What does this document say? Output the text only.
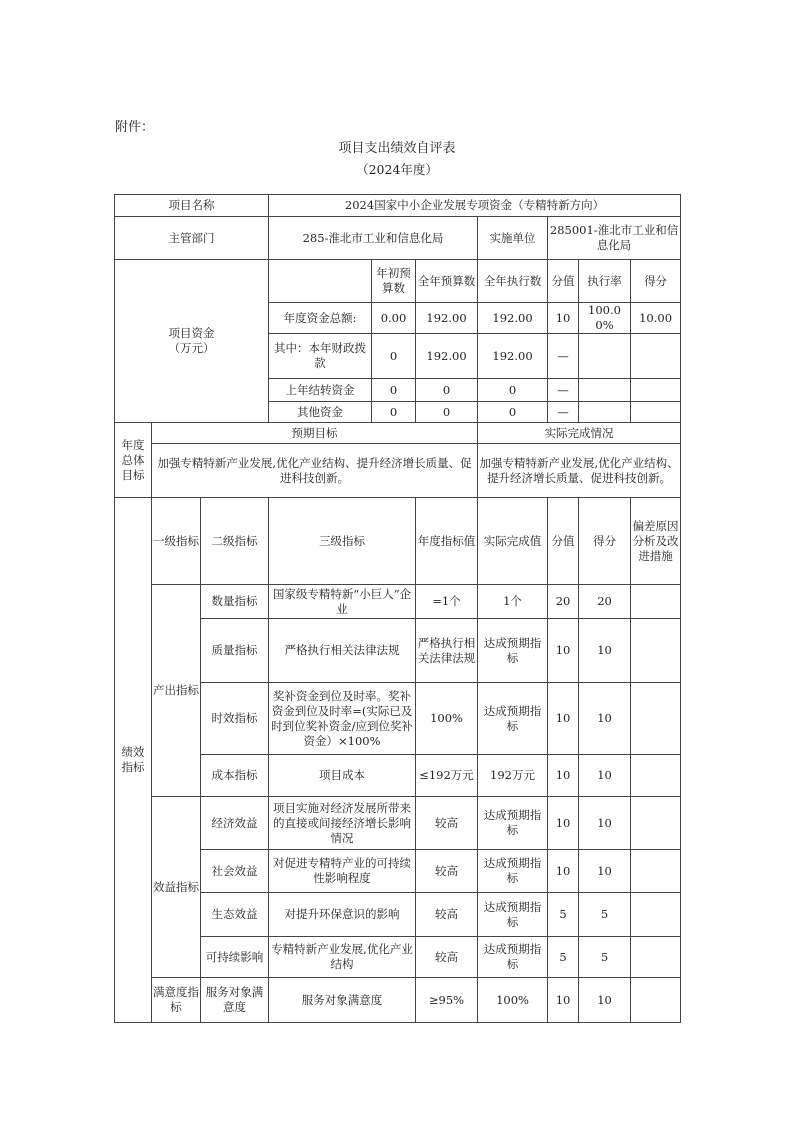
附件：
项目支出绩效自评表
（2024年度）
项目名称			2024国家中小企业发展专项资金（专精特新方向）						
主管部门			285-淮北市工业和信息化局			实施单位	285001-淮北市工业和信息化局		

项目资金
（万元）				年初预算数	全年预算数	全年执行数	分值	执行率	得分
			年度资金总额:	0.00	192.00	192.00	10	100.00%	10.00
			其中：本年财政拨款	0	192.00	192.00	—		
			上年结转资金	0	0	0	—		
			其他资金	0	0	0	—		
年度总体目标	预期目标					实际完成情况			
	加强专精特新产业发展,优化产业结构、提升经济增长质量、促进科技创新。					加强专精特新产业发展,优化产业结构、提升经济增长质量、促进科技创新。			
绩效指标	一级指标	二级指标	三级指标		年度指标值	实际完成值	分值	得分	偏差原因分析及改进措施
	产出指标	数量指标	国家级专精特新“小巨人”企业		=1个	1个	20	20	
		质量指标	严格执行相关法律法规		严格执行相关法律法规	达成预期指标	10	10	
		时效指标	奖补资金到位及时率。奖补资金到位及时率=(实际已及时到位奖补资金/应到位奖补资金）×100%		100%	达成预期指标	10	10	
		成本指标	项目成本		≤192万元	192万元	10	10	
	效益指标	经济效益	项目实施对经济发展所带来的直接或间接经济增长影响情况		较高	达成预期指标	10	10	
		社会效益	对促进专精特产业的可持续性影响程度		较高	达成预期指标	10	10	
		生态效益	对提升环保意识的影响		较高	达成预期指标	5	5	
		可持续影响	专精特新产业发展,优化产业结构		较高	达成预期指标	5	5	
	满意度指标	服务对象满意度	服务对象满意度		≥95%	100%	10	10	
